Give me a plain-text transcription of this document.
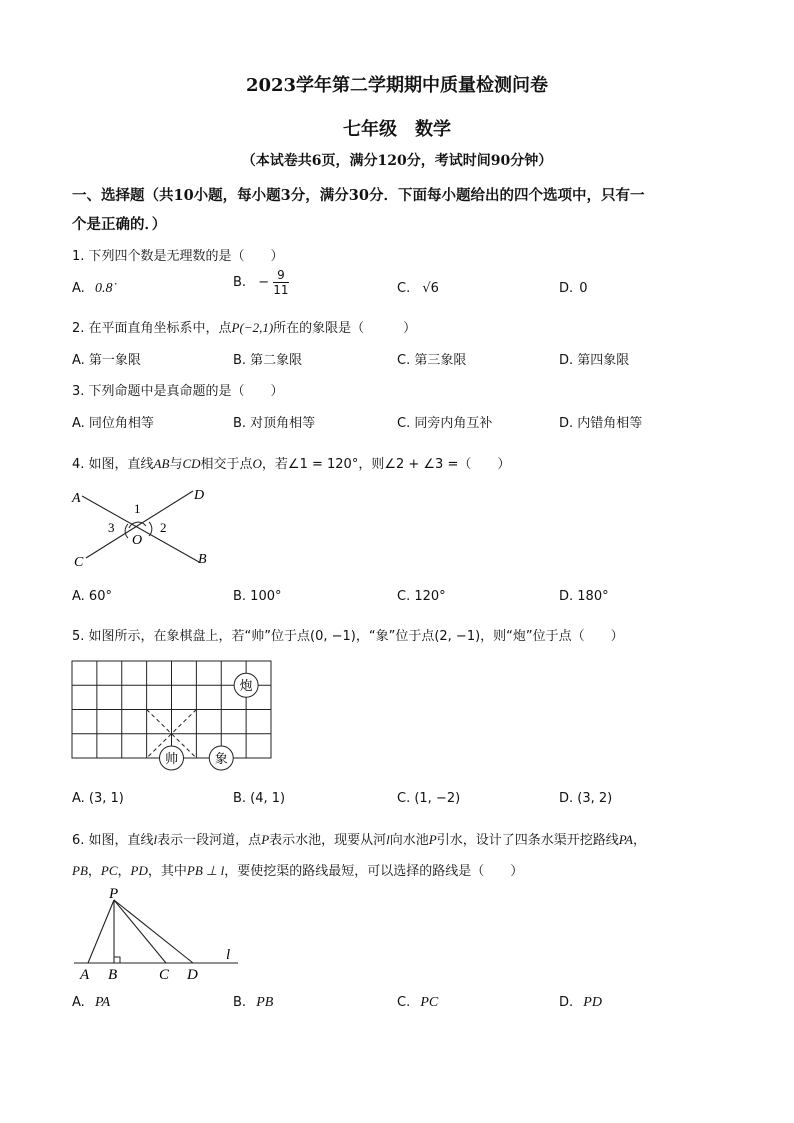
2023学年第二学期期中质量检测问卷
七年级　数学
（本试卷共6页，满分120分，考试时间90分钟）
一、选择题（共10小题，每小题3分，满分30分．下面每小题给出的四个选项中，只有一
个是正确的．）
1. 下列四个数是无理数的是（　　）
A. 0.8̇	B. − $\frac{9}{11}$	C. √6	D. 0
2. 在平面直角坐标系中，点P(−2,1)所在的象限是（　　　）
A. 第一象限	B. 第二象限	C. 第三象限	D. 第四象限
3. 下列命题中是真命题的是（　　）
A. 同位角相等	B. 对顶角相等	C. 同旁内角互补	D. 内错角相等
4. 如图，直线AB与CD相交于点O，若∠1 = 120°，则∠2 + ∠3 =（　　）
A	D
C	B
O
1
2
3
A. 60°	B. 100°	C. 120°	D. 180°
5. 如图所示，在象棋盘上，若“帅”位于点(0, −1)，“象”位于点(2, −1)，则“炮”位于点（　　）
炮
帅	象
A. (3, 1)	B. (4, 1)	C. (1, −2)	D. (3, 2)
6. 如图，直线l表示一段河道，点P表示水池，现要从河l向水池P引水，设计了四条水渠开挖路线PA，
PB，PC，PD，其中PB ⊥ l，要使挖渠的路线最短，可以选择的路线是（　　）
P
A B	C D
l
A. PA	B. PB	C. PC	D. PD
